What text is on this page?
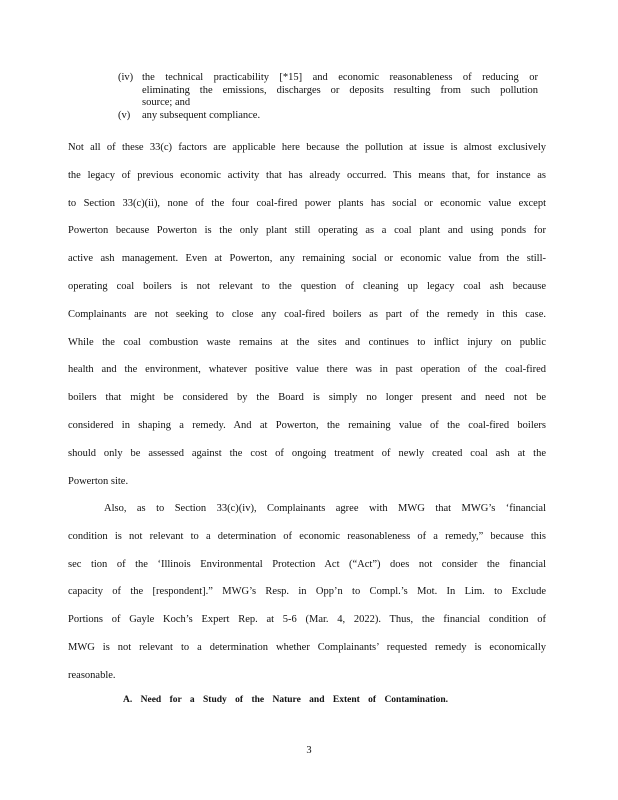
(iv) the technical practicability [*15] and economic reasonableness of reducing or
eliminating the emissions, discharges or deposits resulting from such pollution
source; and
(v) any subsequent compliance.
Not all of these 33(c) factors are applicable here because the pollution at issue is almost exclusively
the legacy of previous economic activity that has already occurred. This means that, for instance as
to Section 33(c)(ii), none of the four coal-fired power plants has social or economic value except
Powerton because Powerton is the only plant still operating as a coal plant and using ponds for
active ash management. Even at Powerton, any remaining social or economic value from the still-
operating coal boilers is not relevant to the question of cleaning up legacy coal ash because
Complainants are not seeking to close any coal-fired boilers as part of the remedy in this case.
While the coal combustion waste remains at the sites and continues to inflict injury on public
health and the environment, whatever positive value there was in past operation of the coal-fired
boilers that might be considered by the Board is simply no longer present and need not be
considered in shaping a remedy. And at Powerton, the remaining value of the coal-fired boilers
should only be assessed against the cost of ongoing treatment of newly created coal ash at the
Powerton site.
Also, as to Section 33(c)(iv), Complainants agree with MWG that MWG’s ‘financial
condition is not relevant to a determination of economic reasonableness of a remedy,” because this
sec tion of the ‘Illinois Environmental Protection Act (“Act”) does not consider the financial
capacity of the [respondent].” MWG’s Resp. in Opp’n to Compl.’s Mot. In Lim. to Exclude
Portions of Gayle Koch’s Expert Rep. at 5-6 (Mar. 4, 2022). Thus, the financial condition of
MWG is not relevant to a determination whether Complainants’ requested remedy is economically
reasonable.
A. Need for a Study of the Nature and Extent of Contamination.
3
